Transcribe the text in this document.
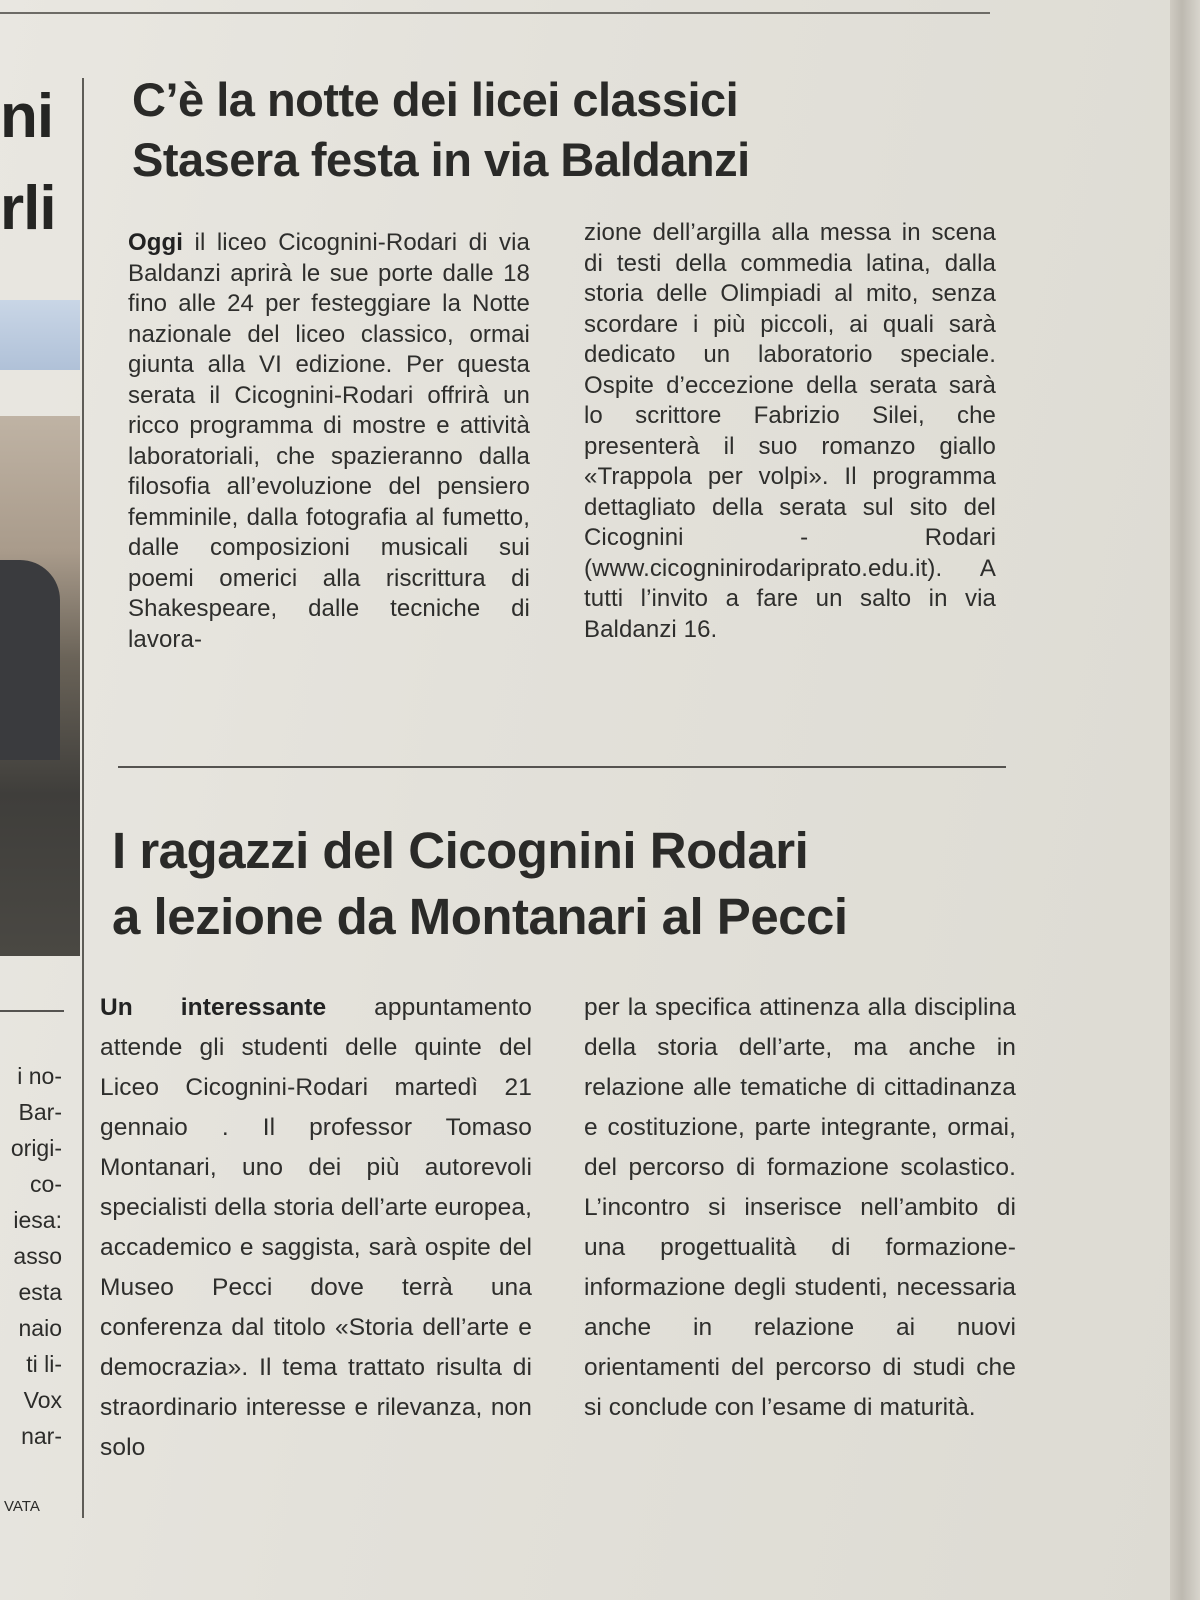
ni
rli
i no-
Bar-
origi-
co-
iesa:
asso
esta
naio
ti li-
Vox
nar-
VATA
C’è la notte dei licei classici
Stasera festa in via Baldanzi
Oggi il liceo Cicognini-Rodari di via Baldanzi aprirà le sue porte dalle 18 fino alle 24 per festeggiare la Notte nazionale del liceo classico, ormai giunta alla VI edizione. Per questa serata il Cicognini-Rodari offrirà un ricco programma di mostre e attività laboratoriali, che spazieranno dalla filosofia all’evoluzione del pensiero femminile, dalla fotografia al fumetto, dalle composizioni musicali sui poemi omerici alla riscrittura di Shakespeare, dalle tecniche di lavora-
zione dell’argilla alla messa in scena di testi della commedia latina, dalla storia delle Olimpiadi al mito, senza scordare i più piccoli, ai quali sarà dedicato un laboratorio speciale. Ospite d’eccezione della serata sarà lo scrittore Fabrizio Silei, che presenterà il suo romanzo giallo «Trappola per volpi». Il programma dettagliato della serata sul sito del Cicognini - Rodari (www.cicogninirodariprato.edu.it). A tutti l’invito a fare un salto in via Baldanzi 16.
I ragazzi del Cicognini Rodari
a lezione da Montanari al Pecci
Un interessante appuntamento attende gli studenti delle quinte del Liceo Cicognini-Rodari martedì 21 gennaio . Il professor Tomaso Montanari, uno dei più autorevoli specialisti della storia dell’arte europea, accademico e saggista, sarà ospite del Museo Pecci dove terrà una conferenza dal titolo «Storia dell’arte e democrazia». Il tema trattato risulta di straordinario interesse e rilevanza, non solo
per la specifica attinenza alla disciplina della storia dell’arte, ma anche in relazione alle tematiche di cittadinanza e costituzione, parte integrante, ormai, del percorso di formazione scolastico. L’incontro si inserisce nell’ambito di una progettualità di formazione-informazione degli studenti, necessaria anche in relazione ai nuovi orientamenti del percorso di studi che si conclude con l’esame di maturità.
